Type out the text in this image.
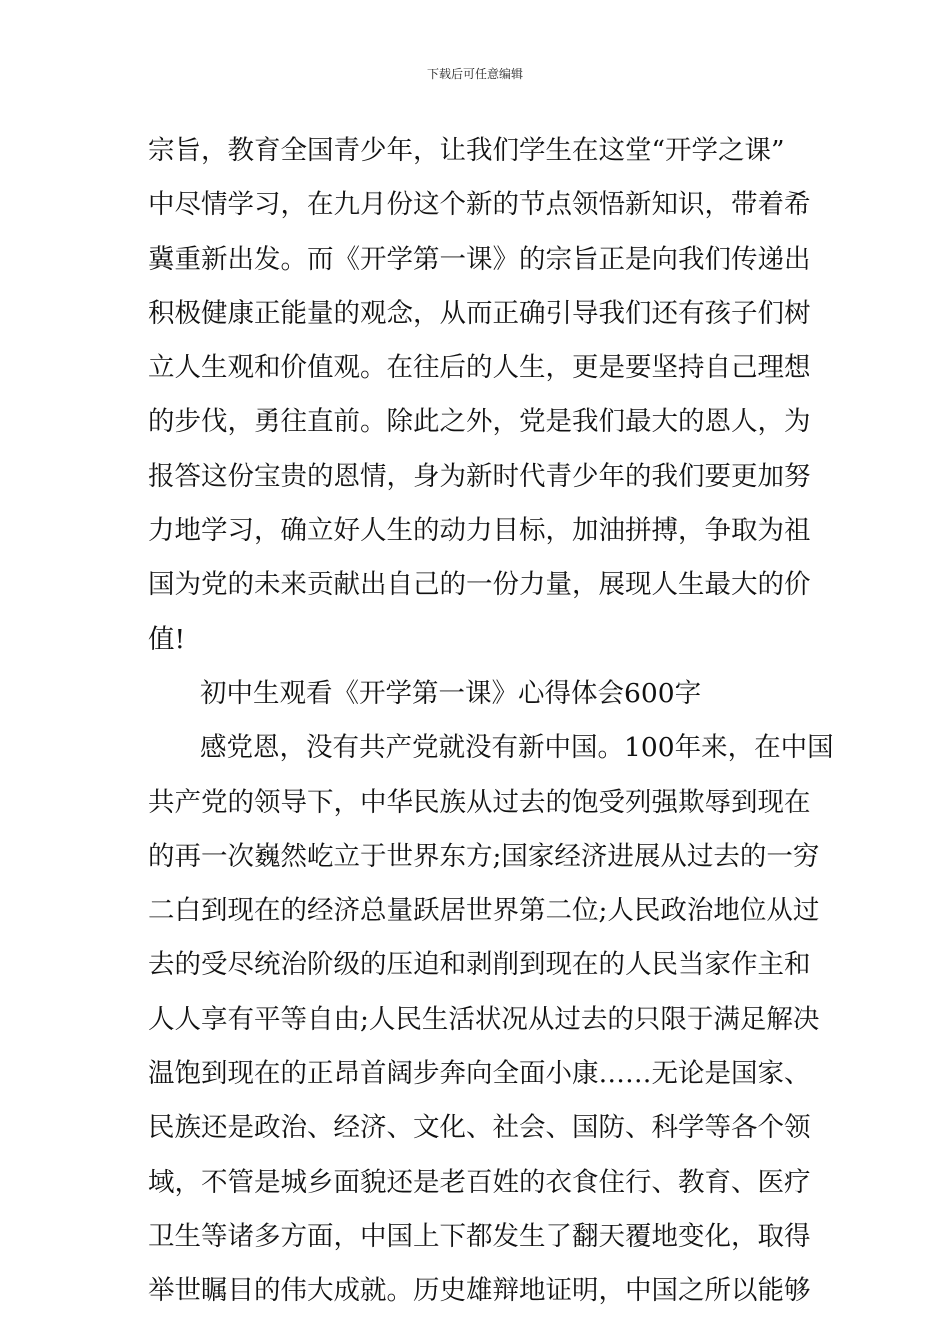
下载后可任意编辑
宗旨，教育全国青少年，让我们学生在这堂“开学之课”
中尽情学习，在九月份这个新的节点领悟新知识，带着希
冀重新出发。而《开学第一课》的宗旨正是向我们传递出
积极健康正能量的观念，从而正确引导我们还有孩子们树
立人生观和价值观。在往后的人生，更是要坚持自己理想
的步伐，勇往直前。除此之外，党是我们最大的恩人，为
报答这份宝贵的恩情，身为新时代青少年的我们要更加努
力地学习，确立好人生的动力目标，加油拼搏，争取为祖
国为党的未来贡献出自己的一份力量，展现人生最大的价
值!
初中生观看《开学第一课》心得体会600字
感党恩，没有共产党就没有新中国。100年来，在中国
共产党的领导下，中华民族从过去的饱受列强欺辱到现在
的再一次巍然屹立于世界东方;国家经济进展从过去的一穷
二白到现在的经济总量跃居世界第二位;人民政治地位从过
去的受尽统治阶级的压迫和剥削到现在的人民当家作主和
人人享有平等自由;人民生活状况从过去的只限于满足解决
温饱到现在的正昂首阔步奔向全面小康……无论是国家、
民族还是政治、经济、文化、社会、国防、科学等各个领
域，不管是城乡面貌还是老百姓的衣食住行、教育、医疗
卫生等诸多方面，中国上下都发生了翻天覆地变化，取得
举世瞩目的伟大成就。历史雄辩地证明，中国之所以能够
